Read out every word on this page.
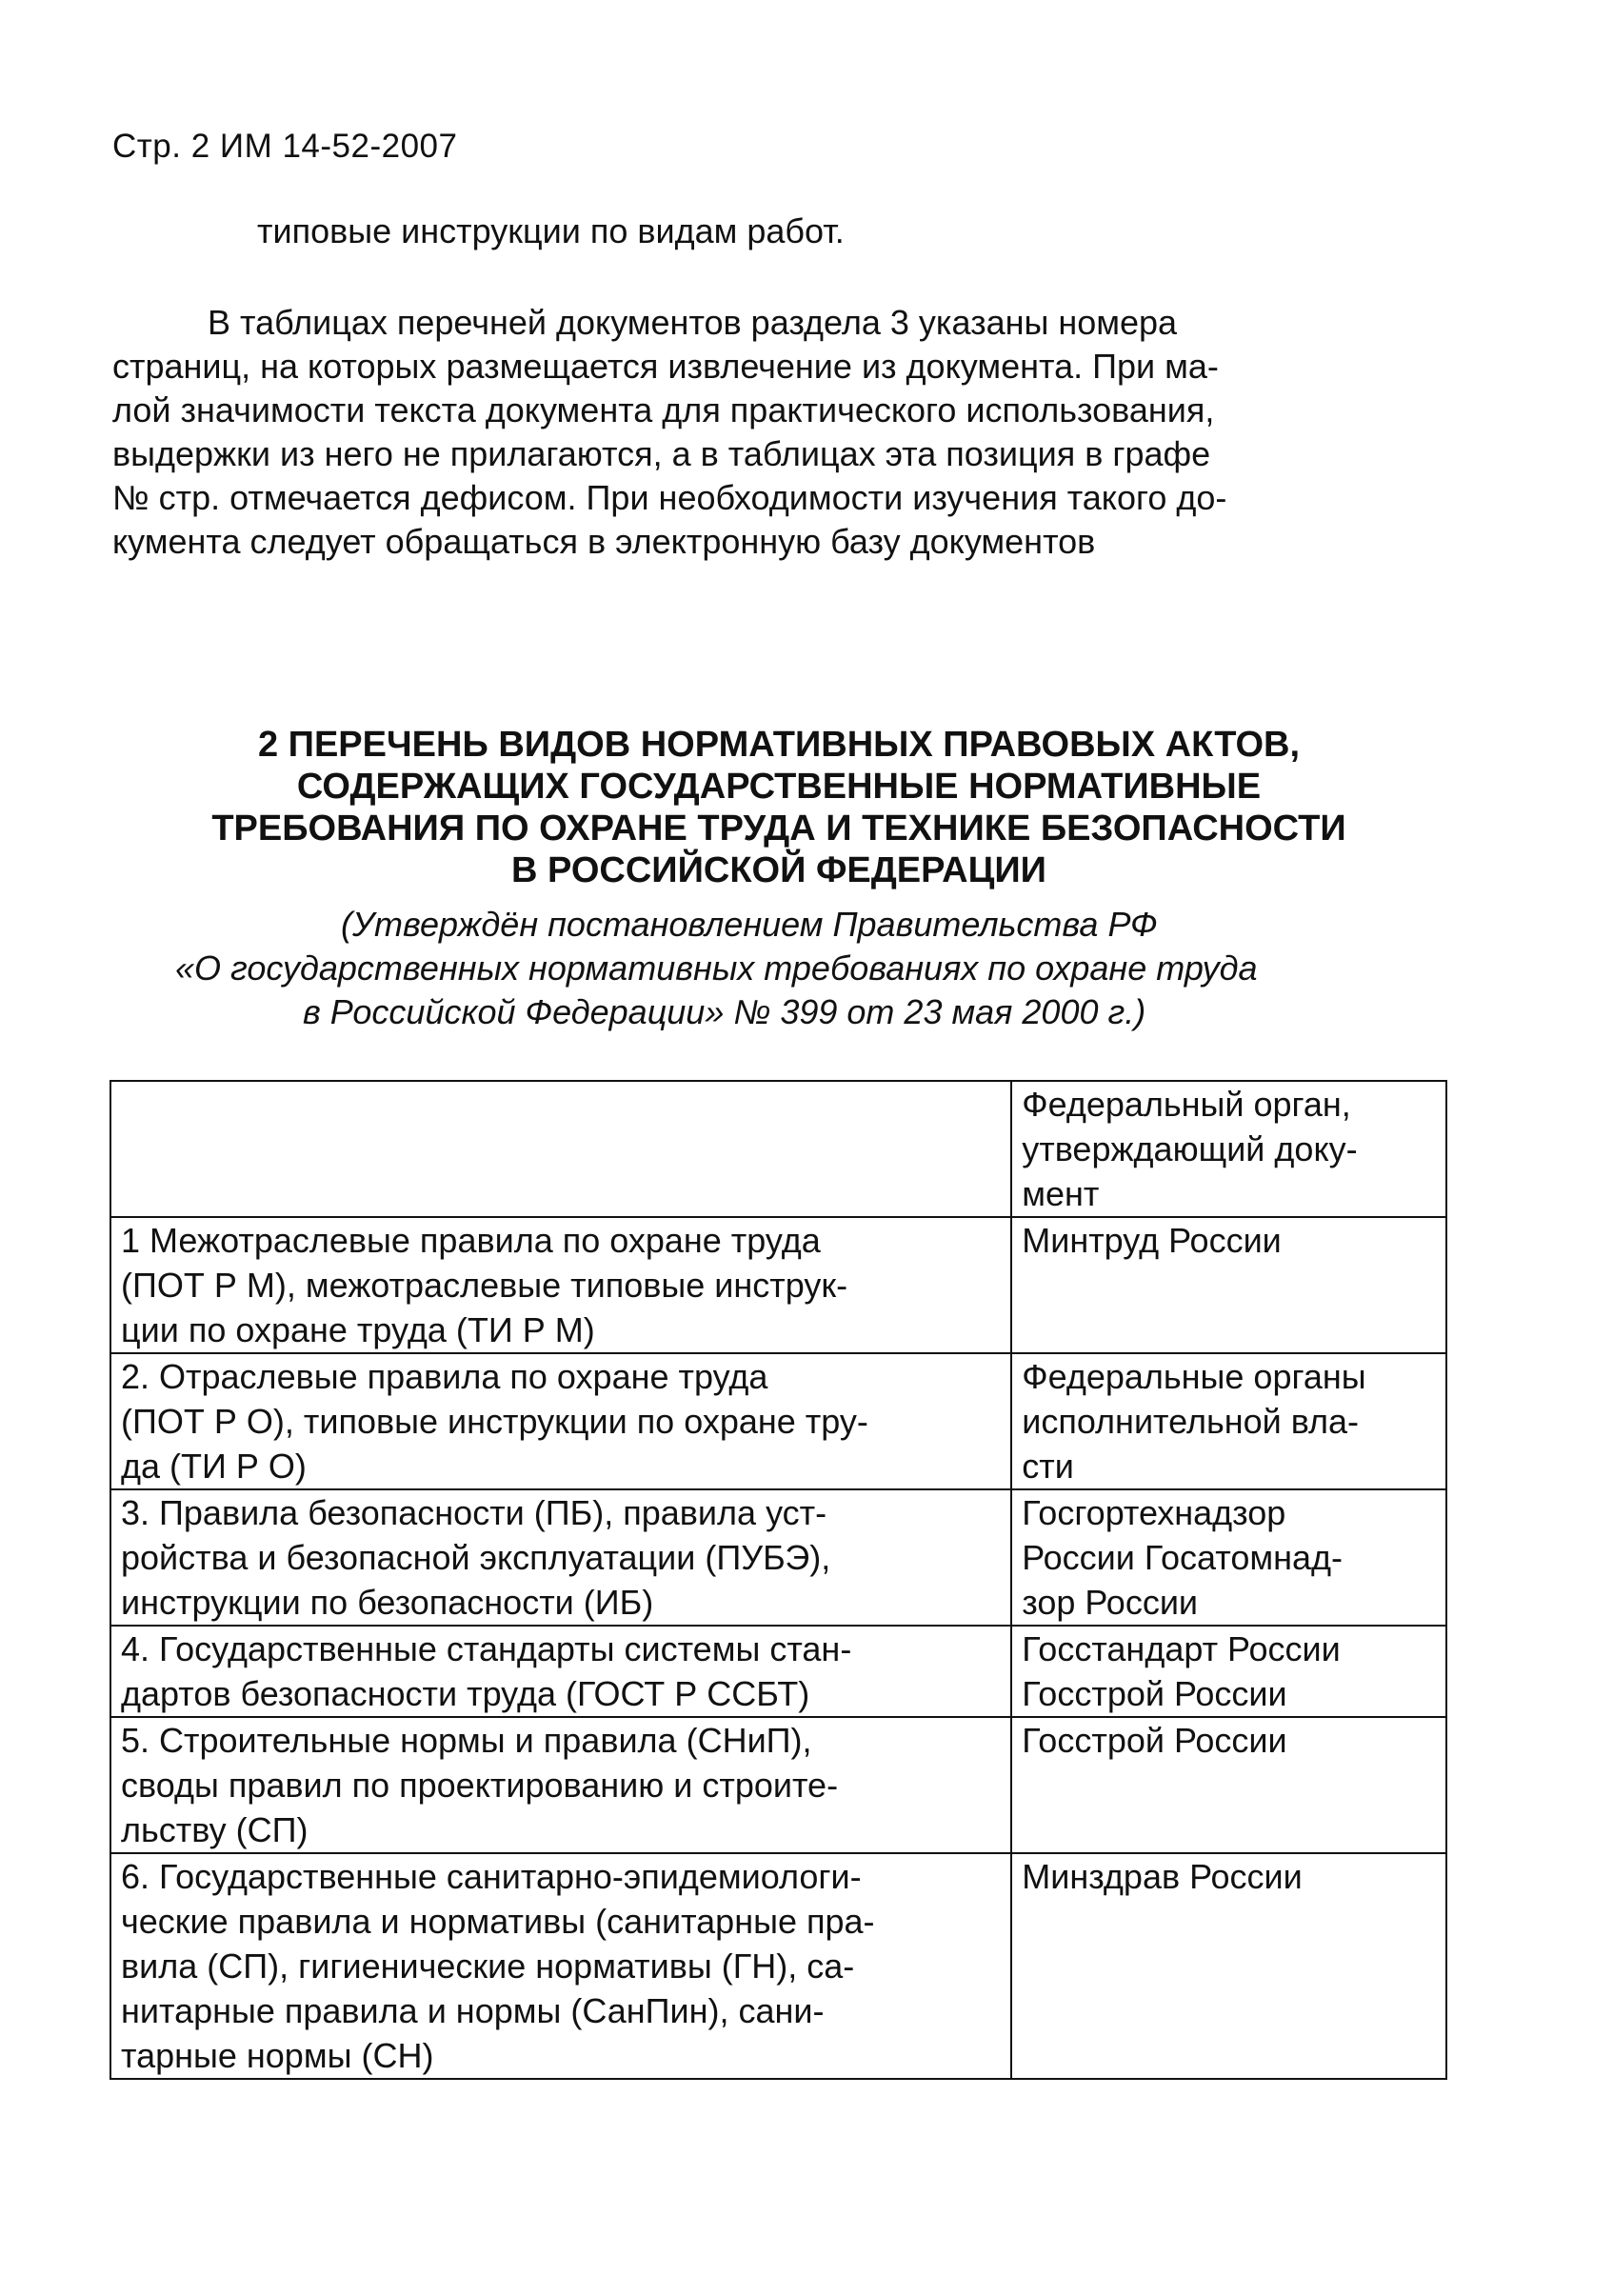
Стр. 2 ИМ 14-52-2007
типовые инструкции по видам работ.
В таблицах перечней документов раздела 3 указаны номера
страниц, на которых размещается извлечение из документа. При ма-
лой значимости текста документа для практического использования,
выдержки из него не прилагаются, а в таблицах эта позиция в графе
№ стр. отмечается дефисом. При необходимости изучения такого до-
кумента следует обращаться в электронную базу документов
2 ПЕРЕЧЕНЬ ВИДОВ НОРМАТИВНЫХ ПРАВОВЫХ АКТОВ,
СОДЕРЖАЩИХ ГОСУДАРСТВЕННЫЕ НОРМАТИВНЫЕ
ТРЕБОВАНИЯ ПО ОХРАНЕ ТРУДА И ТЕХНИКЕ БЕЗОПАСНОСТИ
В РОССИЙСКОЙ ФЕДЕРАЦИИ
(Утверждён постановлением Правительства РФ
«О государственных нормативных требованиях по охране труда
в Российской Федерации» № 399 от 23 мая 2000 г.)

	Федеральный орган,
утверждающий доку-
мент

1 Межотраслевые правила по охране труда
(ПОТ Р М), межотраслевые типовые инструк-
ции по охране труда (ТИ Р М)	Минтруд России

2. Отраслевые правила по охране труда
(ПОТ Р О), типовые инструкции по охране тру-
да (ТИ Р О)	Федеральные органы
исполнительной вла-
сти

3. Правила безопасности (ПБ), правила уст-
ройства и безопасной эксплуатации (ПУБЭ),
инструкции по безопасности (ИБ)	Госгортехнадзор
России Госатомнад-
зор России

4. Государственные стандарты системы стан-
дартов безопасности труда (ГОСТ Р ССБТ)	Госстандарт России
Госстрой России

5. Строительные нормы и правила (СНиП),
своды правил по проектированию и строите-
льству (СП)	Госстрой России

6. Государственные санитарно-эпидемиологи-
ческие правила и нормативы (санитарные пра-
вила (СП), гигиенические нормативы (ГН), са-
нитарные правила и нормы (СанПин), сани-
тарные нормы (СН)	Минздрав России
